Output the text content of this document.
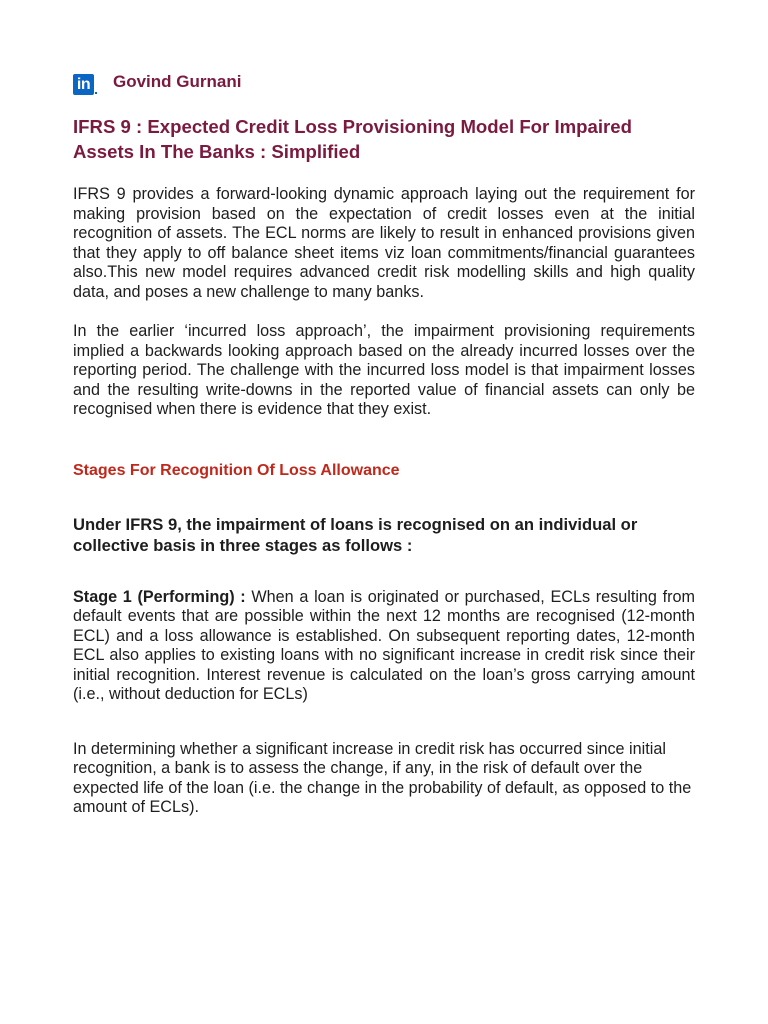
in Govind Gurnani
IFRS 9 : Expected Credit Loss Provisioning Model For Impaired Assets In The Banks : Simplified

IFRS 9 provides a forward-looking dynamic approach laying out the requirement for making provision based on the expectation of credit losses even at the initial recognition of assets. The ECL norms are likely to result in enhanced provisions given that they apply to off balance sheet items viz loan commitments/financial guarantees also.This new model requires advanced credit risk modelling skills and high quality data, and poses a new challenge to many banks.

In the earlier ‘incurred loss approach’, the impairment provisioning requirements implied a backwards looking approach based on the already incurred losses over the reporting period. The challenge with the incurred loss model is that impairment losses and the resulting write-downs in the reported value of financial assets can only be recognised when there is evidence that they exist.

Stages For Recognition Of Loss Allowance

Under IFRS 9, the impairment of loans is recognised on an individual or collective basis in three stages as follows :

Stage 1 (Performing) : When a loan is originated or purchased, ECLs resulting from default events that are possible within the next 12 months are recognised (12-month ECL) and a loss allowance is established. On subsequent reporting dates, 12-month ECL also applies to existing loans with no significant increase in credit risk since their initial recognition. Interest revenue is calculated on the loan’s gross carrying amount (i.e., without deduction for ECLs)

In determining whether a significant increase in credit risk has occurred since initial recognition, a bank is to assess the change, if any, in the risk of default over the expected life of the loan (i.e. the change in the probability of default, as opposed to the amount of ECLs).
